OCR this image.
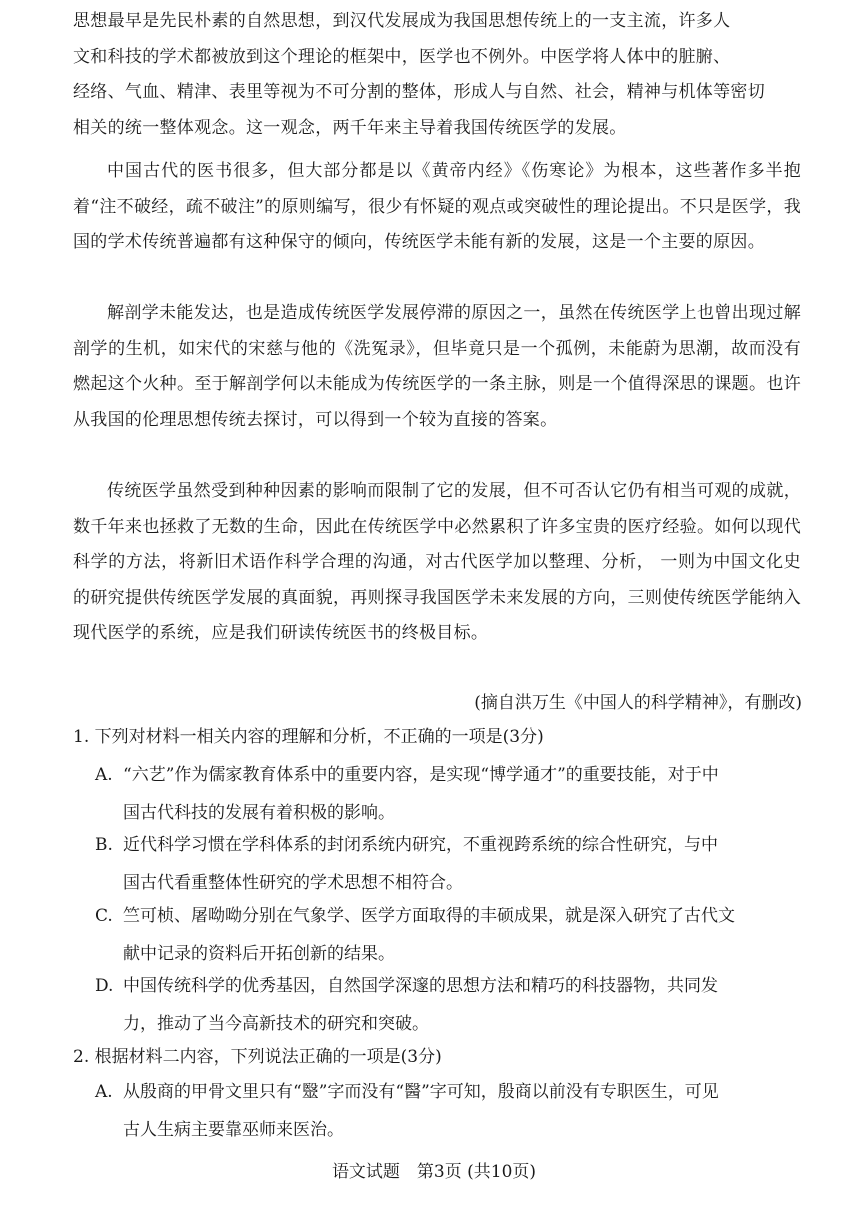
思想最早是先民朴素的自然思想，到汉代发展成为我国思想传统上的一支主流，许多人
文和科技的学术都被放到这个理论的框架中，医学也不例外。中医学将人体中的脏腑、
经络、气血、精津、表里等视为不可分割的整体，形成人与自然、社会，精神与机体等密切
相关的统一整体观念。这一观念，两千年来主导着我国传统医学的发展。

中国古代的医书很多，但大部分都是以《黄帝内经》《伤寒论》为根本，这些著作多半抱着“注不破经，疏不破注”的原则编写，很少有怀疑的观点或突破性的理论提出。不只是医学，我国的学术传统普遍都有这种保守的倾向，传统医学未能有新的发展，这是一个主要的原因。

解剖学未能发达，也是造成传统医学发展停滞的原因之一，虽然在传统医学上也曾出现过解剖学的生机，如宋代的宋慈与他的《洗冤录》，但毕竟只是一个孤例，未能蔚为思潮，故而没有燃起这个火种。至于解剖学何以未能成为传统医学的一条主脉，则是一个值得深思的课题。也许从我国的伦理思想传统去探讨，可以得到一个较为直接的答案。

传统医学虽然受到种种因素的影响而限制了它的发展，但不可否认它仍有相当可观的成就，数千年来也拯救了无数的生命，因此在传统医学中必然累积了许多宝贵的医疗经验。如何以现代科学的方法，将新旧术语作科学合理的沟通，对古代医学加以整理、分析， 一则为中国文化史的研究提供传统医学发展的真面貌，再则探寻我国医学未来发展的方向，三则使传统医学能纳入现代医学的系统，应是我们研读传统医书的终极目标。

(摘自洪万生《中国人的科学精神》，有删改)
1. 下列对材料一相关内容的理解和分析，不正确的一项是(3分)
A. “六艺”作为儒家教育体系中的重要内容，是实现“博学通才”的重要技能，对于中
国古代科技的发展有着积极的影响。
B. 近代科学习惯在学科体系的封闭系统内研究，不重视跨系统的综合性研究，与中
国古代看重整体性研究的学术思想不相符合。
C. 竺可桢、屠呦呦分别在气象学、医学方面取得的丰硕成果，就是深入研究了古代文
献中记录的资料后开拓创新的结果。
D. 中国传统科学的优秀基因，自然国学深邃的思想方法和精巧的科技器物，共同发
力，推动了当今高新技术的研究和突破。
2. 根据材料二内容，下列说法正确的一项是(3分)
A. 从殷商的甲骨文里只有“毉”字而没有“醫”字可知，殷商以前没有专职医生，可见
古人生病主要靠巫师来医治。
语文试题　第3页 (共10页)
